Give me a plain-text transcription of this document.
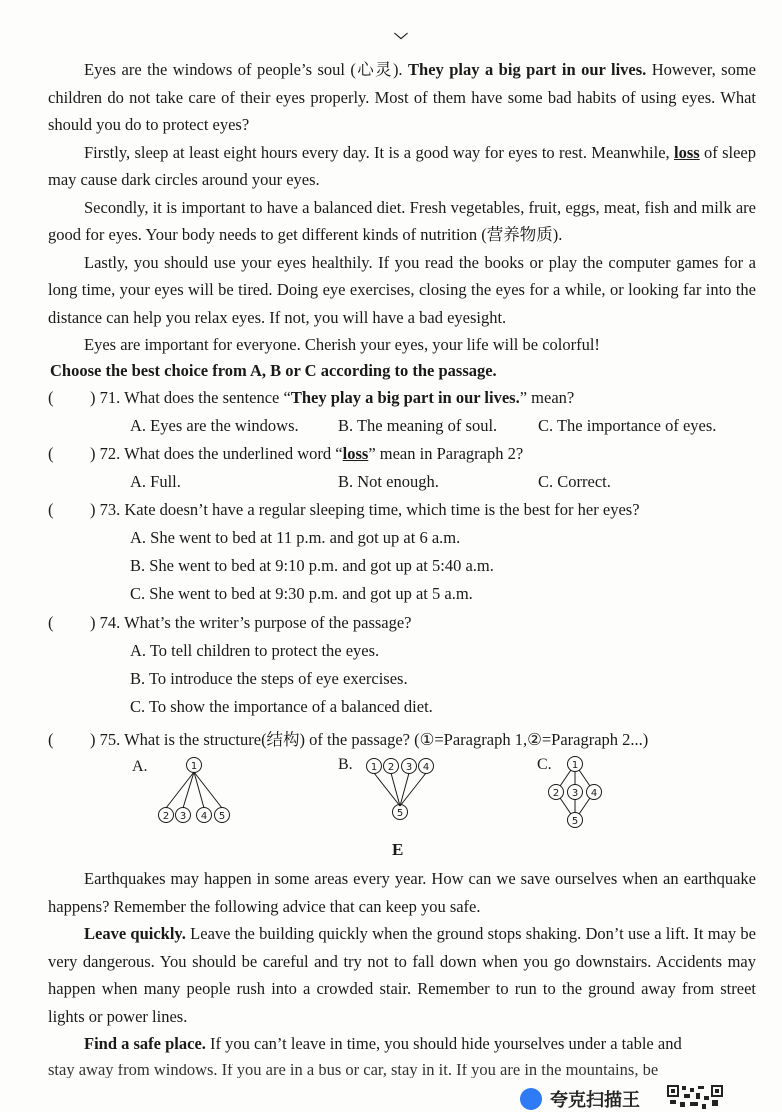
﹀

Eyes are the windows of people’s soul (心灵). They play a big part in our lives. However, some children do not take care of their eyes properly. Most of them have some bad habits of using eyes. What should you do to protect eyes?

Firstly, sleep at least eight hours every day. It is a good way for eyes to rest. Meanwhile, loss of sleep may cause dark circles around your eyes.

Secondly, it is important to have a balanced diet. Fresh vegetables, fruit, eggs, meat, fish and milk are good for eyes. Your body needs to get different kinds of nutrition (营养物质).

Lastly, you should use your eyes healthily. If you read the books or play the computer games for a long time, your eyes will be tired. Doing eye exercises, closing the eyes for a while, or looking far into the distance can help you relax eyes. If not, you will have a bad eyesight.

Eyes are important for everyone. Cherish your eyes, your life will be colorful!

Choose the best choice from A, B or C according to the passage.
( ) 71. What does the sentence “They play a big part in our lives.” mean?
A. Eyes are the windows. B. The meaning of soul. C. The importance of eyes.
( ) 72. What does the underlined word “loss” mean in Paragraph 2?
A. Full.	B. Not enough.	C. Correct.
( ) 73. Kate doesn’t have a regular sleeping time, which time is the best for her eyes?
A. She went to bed at 11 p.m. and got up at 6 a.m.
B. She went to bed at 9:10 p.m. and got up at 5:40 a.m.
C. She went to bed at 9:30 p.m. and got up at 5 a.m.
( ) 74. What’s the writer’s purpose of the passage?
A. To tell children to protect the eyes.
B. To introduce the steps of eye exercises.
C. To show the importance of a balanced diet.
( ) 75. What is the structure(结构) of the passage? (①=Paragraph 1,②=Paragraph 2...)
A.	B.	C.
1
2 3 4 5
1 2 3 4
5
1
2 3 4
5
E

Earthquakes may happen in some areas every year. How can we save ourselves when an earthquake happens? Remember the following advice that can keep you safe.

Leave quickly. Leave the building quickly when the ground stops shaking. Don’t use a lift. It may be very dangerous. You should be careful and try not to fall down when you go downstairs. Accidents may happen when many people rush into a crowded stair. Remember to run to the ground away from street lights or power lines.

Find a safe place. If you can’t leave in time, you should hide yourselves under a table and

stay away from windows. If you are in a bus or car, stay in it. If you are in the mountains, be
夸克扫描王
